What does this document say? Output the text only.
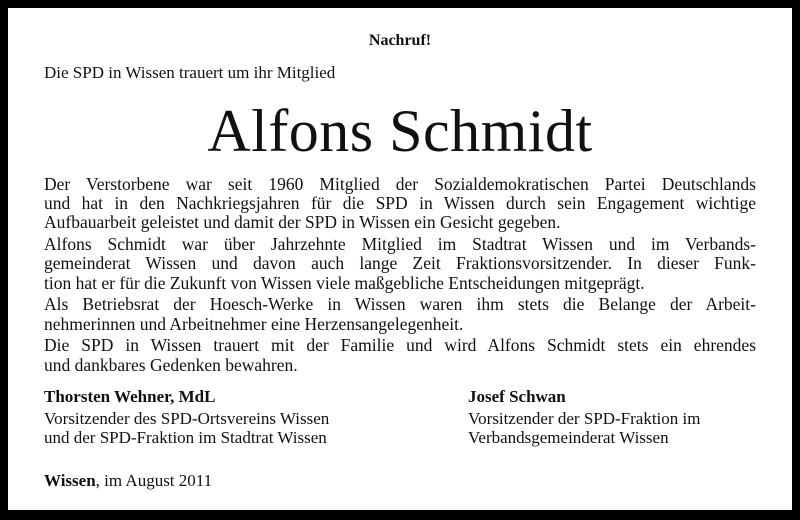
Nachruf!
Die SPD in Wissen trauert um ihr Mitglied
Alfons Schmidt
Der Verstorbene war seit 1960 Mitglied der Sozialdemokratischen Partei Deutschlands
und hat in den Nachkriegsjahren für die SPD in Wissen durch sein Engagement wichtige
Aufbauarbeit geleistet und damit der SPD in Wissen ein Gesicht gegeben.
Alfons Schmidt war über Jahrzehnte Mitglied im Stadtrat Wissen und im Verbands-
gemeinderat Wissen und davon auch lange Zeit Fraktionsvorsitzender. In dieser Funk-
tion hat er für die Zukunft von Wissen viele maßgebliche Entscheidungen mitgeprägt.
Als Betriebsrat der Hoesch-Werke in Wissen waren ihm stets die Belange der Arbeit-
nehmerinnen und Arbeitnehmer eine Herzensangelegenheit.
Die SPD in Wissen trauert mit der Familie und wird Alfons Schmidt stets ein ehrendes
und dankbares Gedenken bewahren.
Thorsten Wehner, MdL
Vorsitzender des SPD-Ortsvereins Wissen
und der SPD-Fraktion im Stadtrat Wissen
Josef Schwan
Vorsitzender der SPD-Fraktion im
Verbandsgemeinderat Wissen
Wissen, im August 2011
